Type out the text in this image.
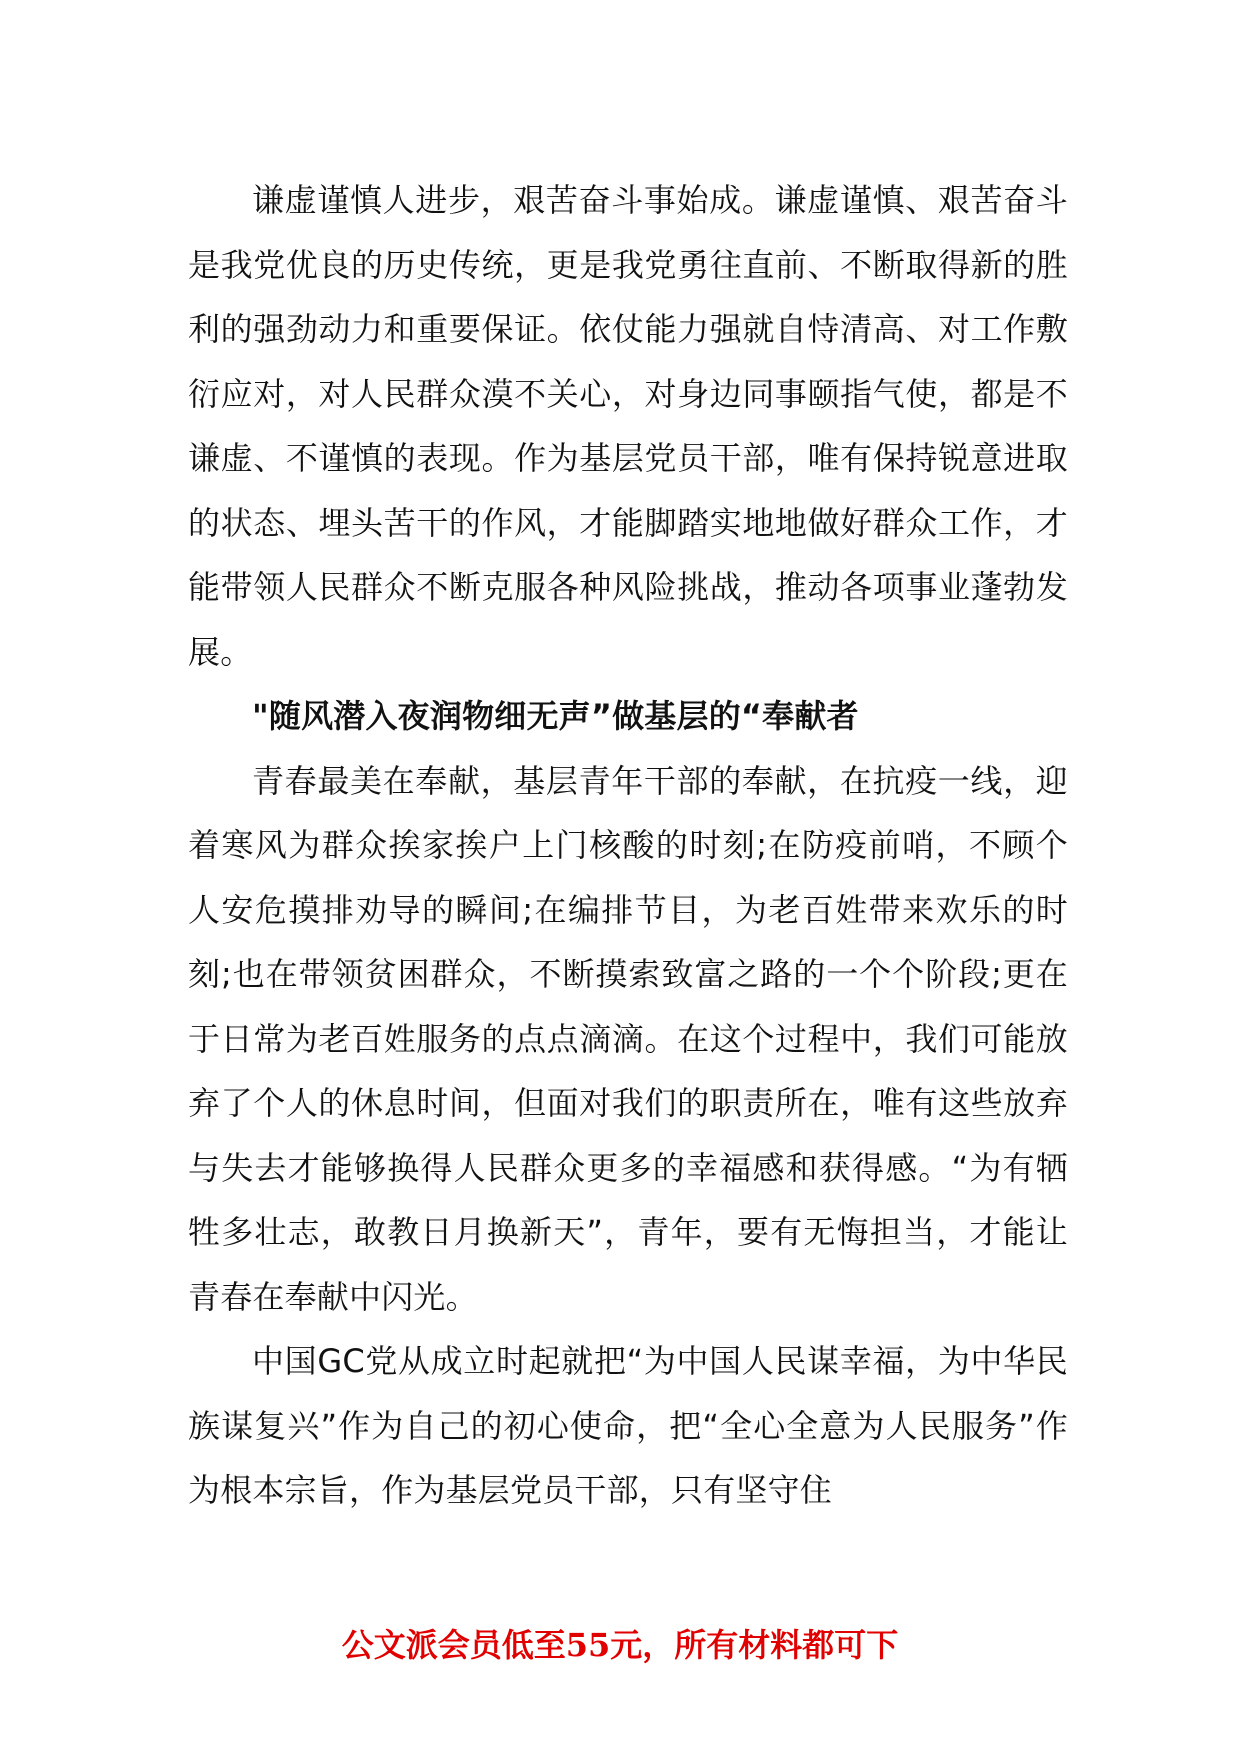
谦虚谨慎人进步，艰苦奋斗事始成。谦虚谨慎、艰苦奋斗是我党优良的历史传统，更是我党勇往直前、不断取得新的胜利的强劲动力和重要保证。依仗能力强就自恃清高、对工作敷衍应对，对人民群众漠不关心，对身边同事颐指气使，都是不谦虚、不谨慎的表现。作为基层党员干部，唯有保持锐意进取的状态、埋头苦干的作风，才能脚踏实地地做好群众工作，才能带领人民群众不断克服各种风险挑战，推动各项事业蓬勃发展。

"随风潜入夜润物细无声”做基层的“奉献者

青春最美在奉献，基层青年干部的奉献，在抗疫一线，迎着寒风为群众挨家挨户上门核酸的时刻;在防疫前哨，不顾个人安危摸排劝导的瞬间;在编排节目，为老百姓带来欢乐的时刻;也在带领贫困群众，不断摸索致富之路的一个个阶段;更在于日常为老百姓服务的点点滴滴。在这个过程中，我们可能放弃了个人的休息时间，但面对我们的职责所在，唯有这些放弃与失去才能够换得人民群众更多的幸福感和获得感。“为有牺牲多壮志，敢教日月换新天”，青年，要有无悔担当，才能让青春在奉献中闪光。

中国GC党从成立时起就把“为中国人民谋幸福，为中华民族谋复兴”作为自己的初心使命，把“全心全意为人民服务”作为根本宗旨，作为基层党员干部，只有坚守住

公文派会员低至55元，所有材料都可下
